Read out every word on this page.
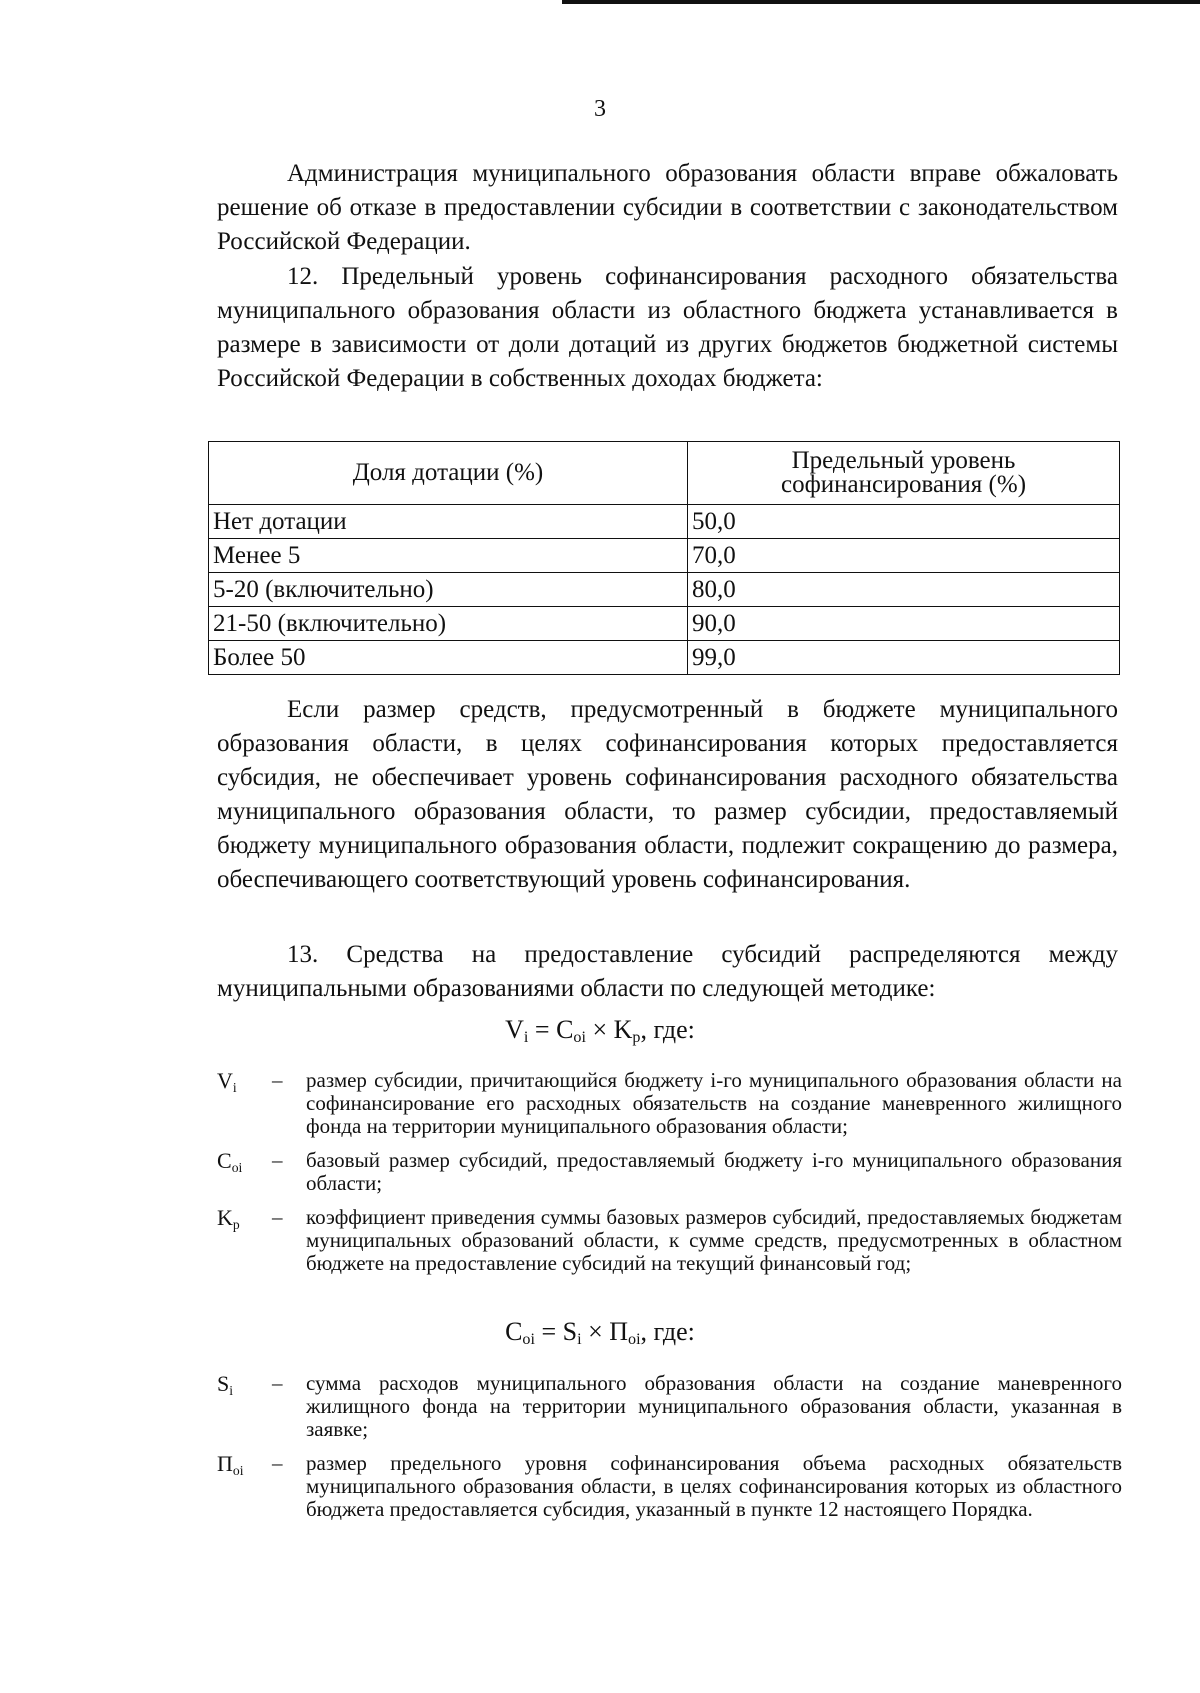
3

Администрация муниципального образования области вправе обжаловать решение об отказе в предоставлении субсидии в соответствии с законодательством Российской Федерации.

12. Предельный уровень софинансирования расходного обязательства муниципального образования области из областного бюджета устанавливается в размере в зависимости от доли дотаций из других бюджетов бюджетной системы Российской Федерации в собственных доходах бюджета:

Доля дотации (%)	Предельный уровень софинансирования (%)
Нет дотации	50,0
Менее 5	70,0
5-20 (включительно)	80,0
21-50 (включительно)	90,0
Более 50	99,0

Если размер средств, предусмотренный в бюджете муниципального образования области, в целях софинансирования которых предоставляется субсидия, не обеспечивает уровень софинансирования расходного обязательства муниципального образования области, то размер субсидии, предоставляемый бюджету муниципального образования области, подлежит сокращению до размера, обеспечивающего соответствующий уровень софинансирования.

13. Средства на предоставление субсидий распределяются между муниципальными образованиями области по следующей методике:

$V_i = C_{oi} \times K_p$, где:
$V_i$	–	размер субсидии, причитающийся бюджету i-го муниципального образования области на софинансирование его расходных обязательств на создание маневренного жилищного фонда на территории муниципального образования области;
$C_{oi}$	–	базовый размер субсидий, предоставляемый бюджету i-го муниципального образования области;
$K_p$	–	коэффициент приведения суммы базовых размеров субсидий, предоставляемых бюджетам муниципальных образований области, к сумме средств, предусмотренных в областном бюджете на предоставление субсидий на текущий финансовый год;
$C_{oi} = S_i \times П_{oi}$, где:
$S_i$	–	сумма расходов муниципального образования области на создание маневренного жилищного фонда на территории муниципального образования области, указанная в заявке;
$П_{oi}$	–	размер предельного уровня софинансирования объема расходных обязательств муниципального образования области, в целях софинансирования которых из областного бюджета предоставляется субсидия, указанный в пункте 12 настоящего Порядка.
